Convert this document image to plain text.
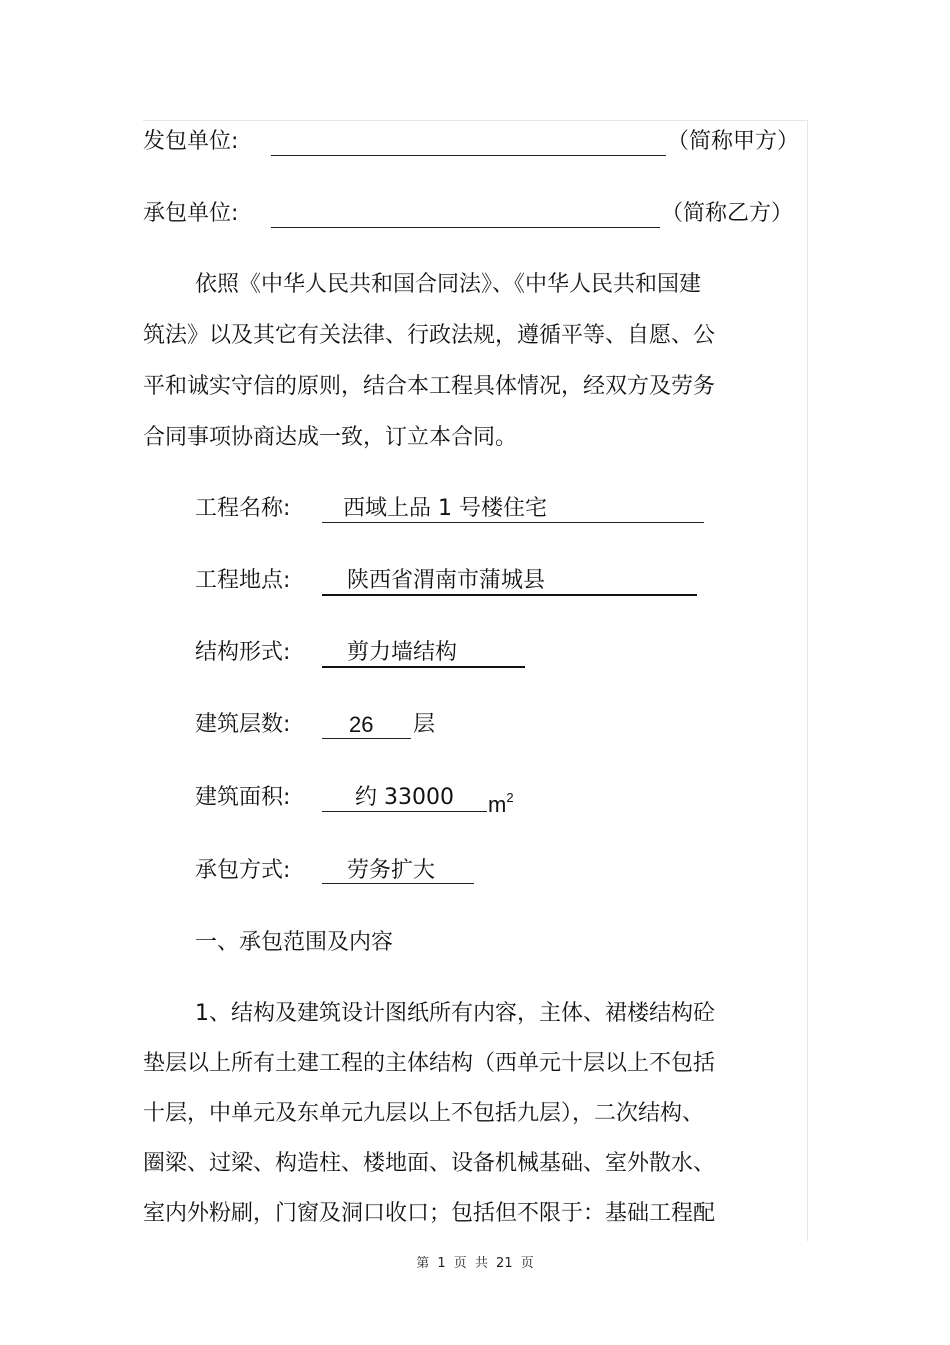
发包单位:	（简称甲方）
承包单位:	（简称乙方）
依照《中华人民共和国合同法》、《中华人民共和国建
筑法》以及其它有关法律、行政法规，遵循平等、自愿、公
平和诚实守信的原则，结合本工程具体情况，经双方及劳务
合同事项协商达成一致，订立本合同。
工程名称: 西域上品 1 号楼住宅
工程地点:	陕西省渭南市蒲城县
结构形式:	剪力墙结构
建筑层数:	26 层
建筑面积:	约 33000 $m^2$
承包方式:	劳务扩大
一、承包范围及内容
1、结构及建筑设计图纸所有内容，主体、裙楼结构砼
垫层以上所有土建工程的主体结构（西单元十层以上不包括
十层，中单元及东单元九层以上不包括九层），二次结构、
圈梁、过梁、构造柱、楼地面、设备机械基础、室外散水、
室内外粉刷，门窗及洞口收口；包括但不限于：基础工程配
第 1 页 共 21 页
